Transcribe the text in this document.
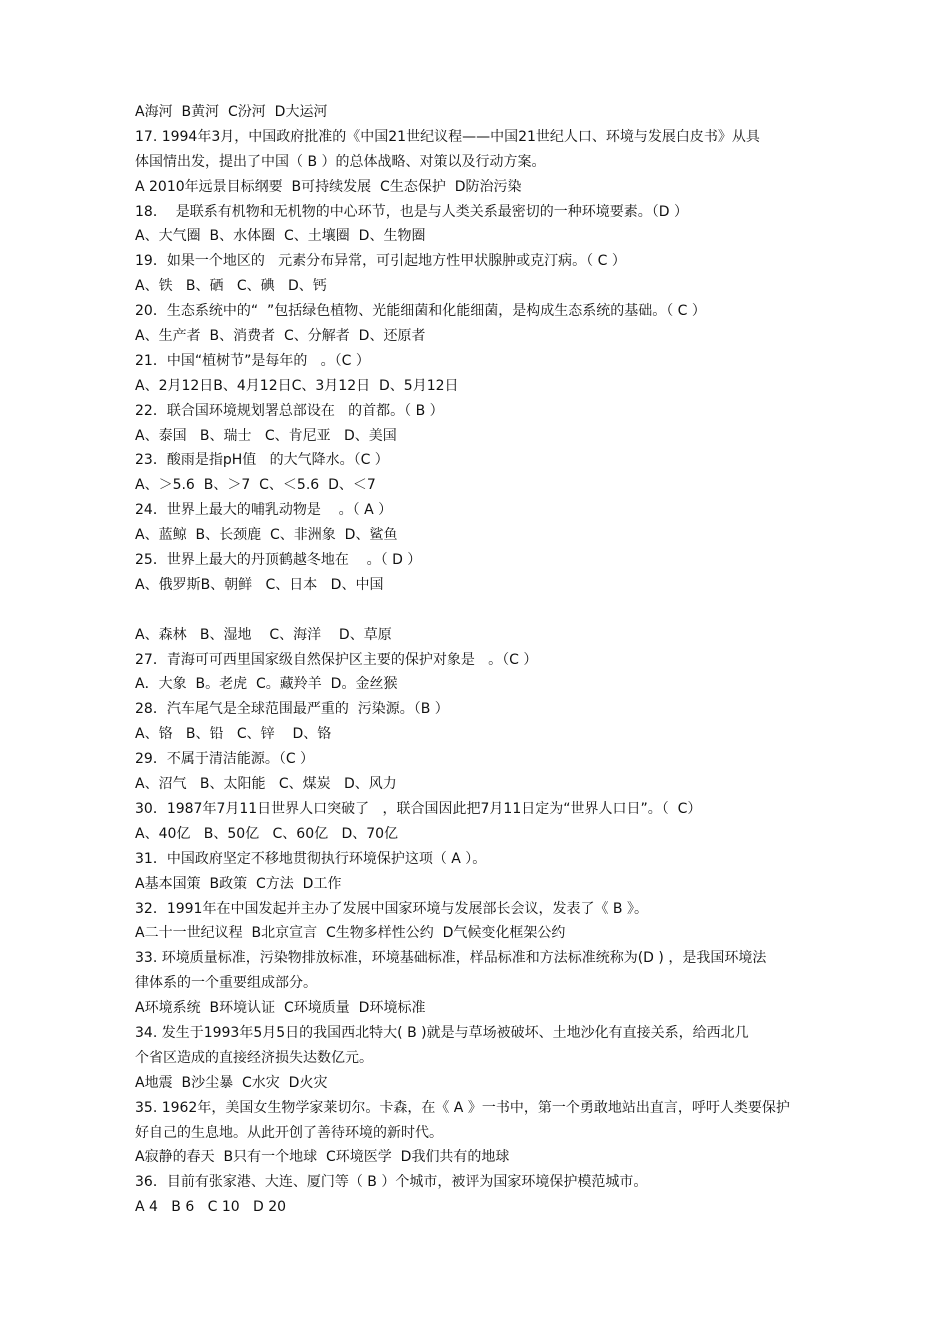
A海河  B黄河  C汾河  D大运河
17. 1994年3月，中国政府批准的《中国21世纪议程——中国21世纪人口、环境与发展白皮书》从具
体国情出发，提出了中国（ B ）的总体战略、对策以及行动方案。
A 2010年远景目标纲要  B可持续发展  C生态保护  D防治污染
18．  是联系有机物和无机物的中心环节，也是与人类关系最密切的一种环境要素。（D ）
A、大气圈  B、水体圈  C、土壤圈  D、生物圈
19．如果一个地区的   元素分布异常，可引起地方性甲状腺肿或克汀病。（ C ）
A、铁   B、硒   C、碘   D、钙
20．生态系统中的“  ”包括绿色植物、光能细菌和化能细菌，是构成生态系统的基础。（ C ）
A、生产者  B、消费者  C、分解者  D、还原者
21．中国“植树节”是每年的   。（C ）
A、2月12日B、4月12日C、3月12日  D、5月12日
22．联合国环境规划署总部设在   的首都。（ B ）
A、泰国   B、瑞士   C、肯尼亚   D、美国
23．酸雨是指pH值   的大气降水。（C ）
A、＞5.6  B、＞7  C、＜5.6  D、＜7
24．世界上最大的哺乳动物是    。（ A ）
A、蓝鲸  B、长颈鹿  C、非洲象  D、鲨鱼
25．世界上最大的丹顶鹤越冬地在    。（ D ）
A、俄罗斯B、朝鲜   C、日本   D、中国
A、森林   B、湿地    C、海洋    D、草原
27．青海可可西里国家级自然保护区主要的保护对象是   。（C ）
A．大象  B。老虎  C。藏羚羊  D。金丝猴
28．汽车尾气是全球范围最严重的  污染源。（B ）
A、铬   B、铅   C、锌    D、铬
29．不属于清洁能源。（C ）
A、沼气   B、太阳能   C、煤炭   D、风力
30．1987年7月11日世界人口突破了   ，联合国因此把7月11日定为“世界人口日”。（  C）
A、40亿   B、50亿   C、60亿   D、70亿
31．中国政府坚定不移地贯彻执行环境保护这项（ A ）。
A基本国策  B政策  C方法  D工作
32．1991年在中国发起并主办了发展中国家环境与发展部长会议，发表了《 B 》。
A二十一世纪议程  B北京宣言  C生物多样性公约  D气候变化框架公约
33. 环境质量标准，污染物排放标准，环境基础标准，样品标准和方法标准统称为(D ) ，是我国环境法
律体系的一个重要组成部分。
A环境系统  B环境认证  C环境质量  D环境标准
34. 发生于1993年5月5日的我国西北特大( B )就是与草场被破坏、土地沙化有直接关系，给西北几
个省区造成的直接经济损失达数亿元。
A地震  B沙尘暴  C水灾  D火灾
35. 1962年，美国女生物学家莱切尔。卡森，在《 A 》一书中，第一个勇敢地站出直言，呼吁人类要保护
好自己的生息地。从此开创了善待环境的新时代。
A寂静的春天  B只有一个地球  C环境医学  D我们共有的地球
36．目前有张家港、大连、厦门等（ B ）个城市，被评为国家环境保护模范城市。
A 4   B 6   C 10   D 20
